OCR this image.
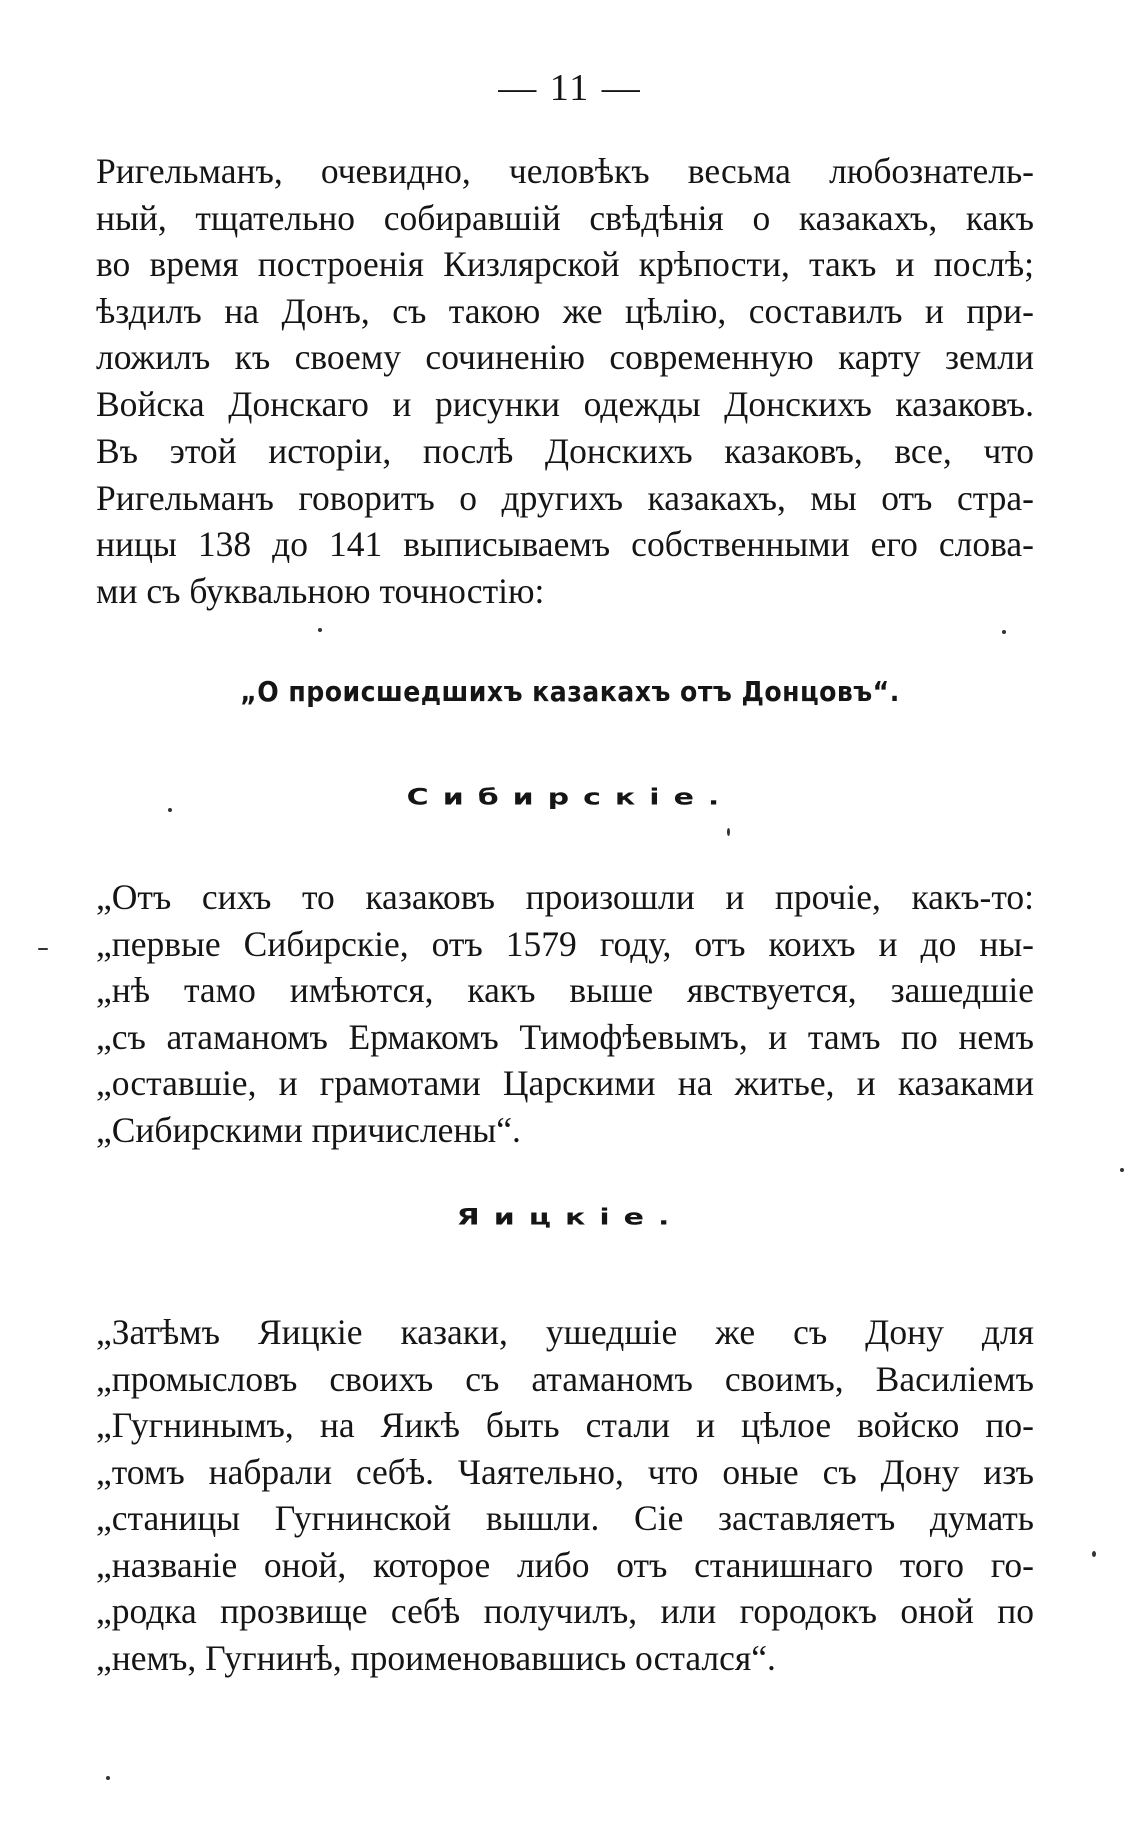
— 11 —
Ригельманъ, очевидно, человѣкъ весьма любознатель-
ный, тщательно собиравшій свѣдѣнія о казакахъ, какъ
во время построенія Кизлярской крѣпости, такъ и послѣ;
ѣздилъ на Донъ, съ такою же цѣлію, составилъ и при-
ложилъ къ своему сочиненію современную карту земли
Войска Донскаго и рисунки одежды Донскихъ казаковъ.
Въ этой исторіи, послѣ Донскихъ казаковъ, все, что
Ригельманъ говоритъ о другихъ казакахъ, мы отъ стра-
ницы 138 до 141 выписываемъ собственными его слова-
ми съ буквальною точностію:
„О происшедшихъ казакахъ отъ Донцовъ“.
Сибирскіе.
„Отъ сихъ то казаковъ произошли и прочіе, какъ-то:
„первые Сибирскіе, отъ 1579 году, отъ коихъ и до ны-
„нѣ тамо имѣются, какъ выше явствуется, зашедшіе
„съ атаманомъ Ермакомъ Тимофѣевымъ, и тамъ по немъ
„оставшіе, и грамотами Царскими на житье, и казаками
„Сибирскими причислены“.
Яицкіе.
„Затѣмъ Яицкіе казаки, ушедшіе же съ Дону для
„промысловъ своихъ съ атаманомъ своимъ, Василіемъ
„Гугнинымъ, на Яикѣ быть стали и цѣлое войско по-
„томъ набрали себѣ. Чаятельно, что оные съ Дону изъ
„станицы Гугнинской вышли. Сіе заставляетъ думать
„названіе оной, которое либо отъ станишнаго того го-
„родка прозвище себѣ получилъ, или городокъ оной по
„немъ, Гугнинѣ, проименовавшись остался“.
